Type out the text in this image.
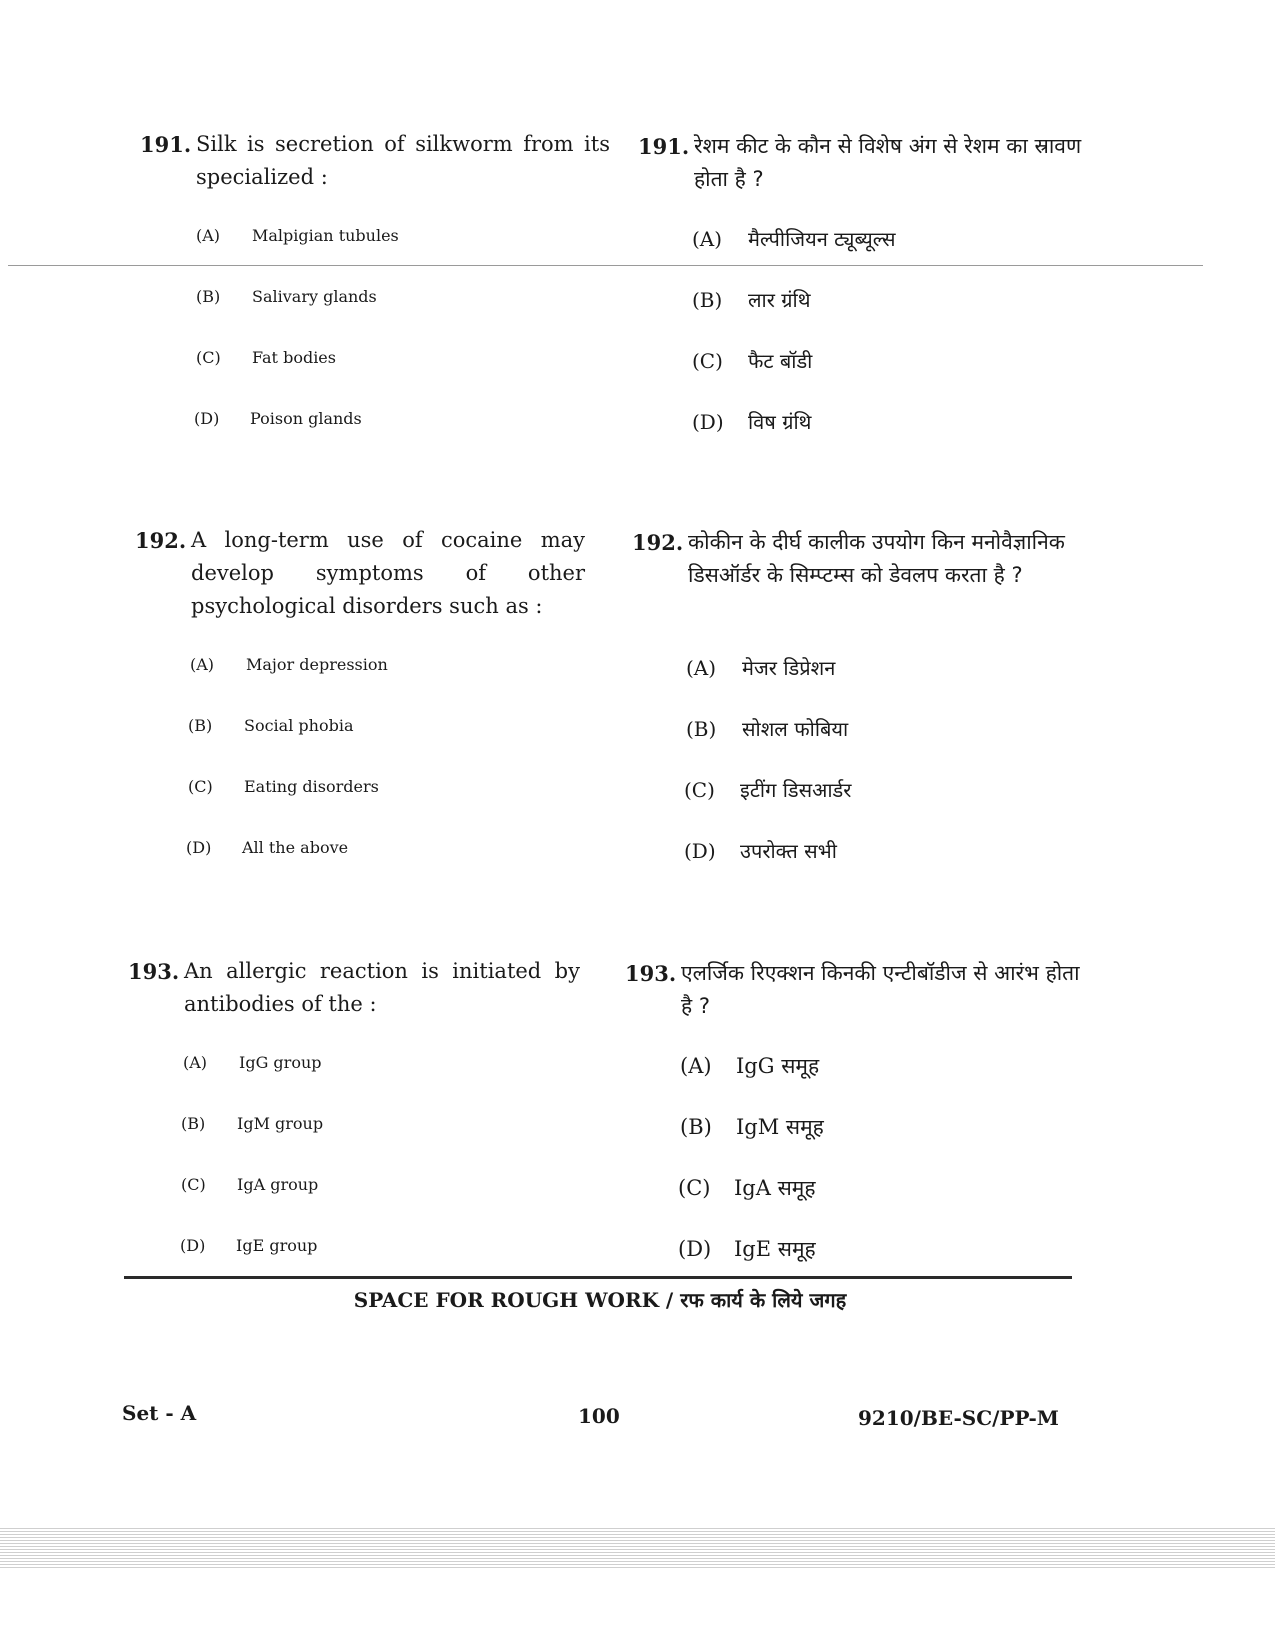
191. Silk is secretion of silkworm from its specialized :
191. रेशम कीट के कौन से विशेष अंग से रेशम का स्रावण होता है ?
(A)	Malpigian tubules	(A)	मैल्पीजियन ट्यूब्यूल्स
(B)	Salivary glands	(B)	लार ग्रंथि
(C)	Fat bodies	(C)	फैट बॉडी
(D)	Poison glands	(D)	विष ग्रंथि
192. A long-term use of cocaine may develop symptoms of other psychological disorders such as :
192. कोकीन के दीर्घ कालीक उपयोग किन मनोवैज्ञानिक डिसऑर्डर के सिम्प्टम्स को डेवलप करता है ?
(A)	Major depression	(A)	मेजर डिप्रेशन
(B)	Social phobia	(B)	सोशल फोबिया
(C)	Eating disorders	(C)	इटींग डिसआर्डर
(D)	All the above	(D)	उपरोक्त सभी
193. An allergic reaction is initiated by antibodies of the :
193. एलर्जिक रिएक्शन किनकी एन्टीबॉडीज से आरंभ होता है ?
(A)	IgG group	(A)	IgG समूह
(B)	IgM group	(B)	IgM समूह
(C)	IgA group	(C)	IgA समूह
(D)	IgE group	(D)	IgE समूह
SPACE FOR ROUGH WORK / रफ कार्य के लिये जगह
Set - A	100	9210/BE-SC/PP-M
